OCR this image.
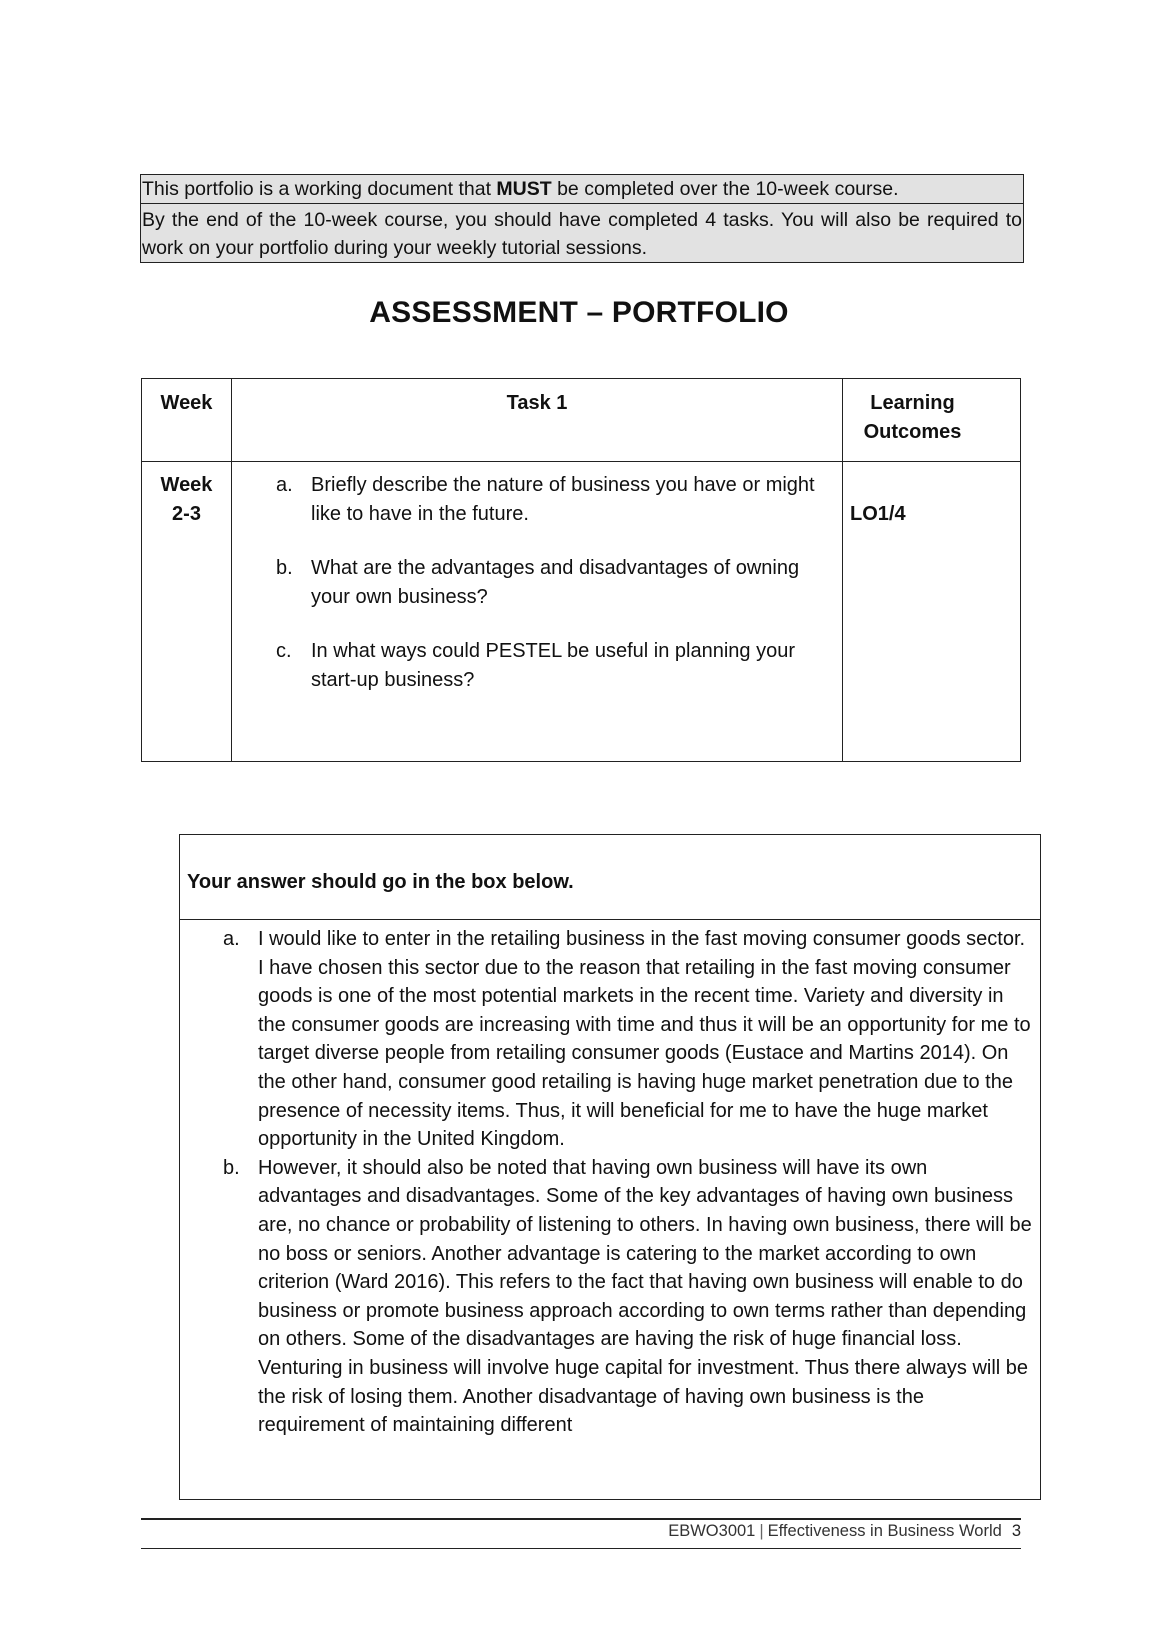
This portfolio is a working document that MUST be completed over the 10-week course.
By the end of the 10-week course, you should have completed 4 tasks. You will also be required to work on your portfolio during your weekly tutorial sessions.
ASSESSMENT – PORTFOLIO
Week	Task 1	Learning Outcomes
Week
2-3
a. Briefly describe the nature of business you have or might like to have in the future.
b. What are the advantages and disadvantages of owning your own business?
c. In what ways could PESTEL be useful in planning your start-up business?
LO1/4
Your answer should go in the box below.
a. I would like to enter in the retailing business in the fast moving consumer goods sector. I have chosen this sector due to the reason that retailing in the fast moving consumer goods is one of the most potential markets in the recent time. Variety and diversity in the consumer goods are increasing with time and thus it will be an opportunity for me to target diverse people from retailing consumer goods (Eustace and Martins 2014). On the other hand, consumer good retailing is having huge market penetration due to the presence of necessity items. Thus, it will beneficial for me to have the huge market opportunity in the United Kingdom.
b. However, it should also be noted that having own business will have its own advantages and disadvantages. Some of the key advantages of having own business are, no chance or probability of listening to others. In having own business, there will be no boss or seniors. Another advantage is catering to the market according to own criterion (Ward 2016). This refers to the fact that having own business will enable to do business or promote business approach according to own terms rather than depending on others. Some of the disadvantages are having the risk of huge financial loss. Venturing in business will involve huge capital for investment. Thus there always will be the risk of losing them. Another disadvantage of having own business is the requirement of maintaining different
EBWO3001 | Effectiveness in Business World 3
